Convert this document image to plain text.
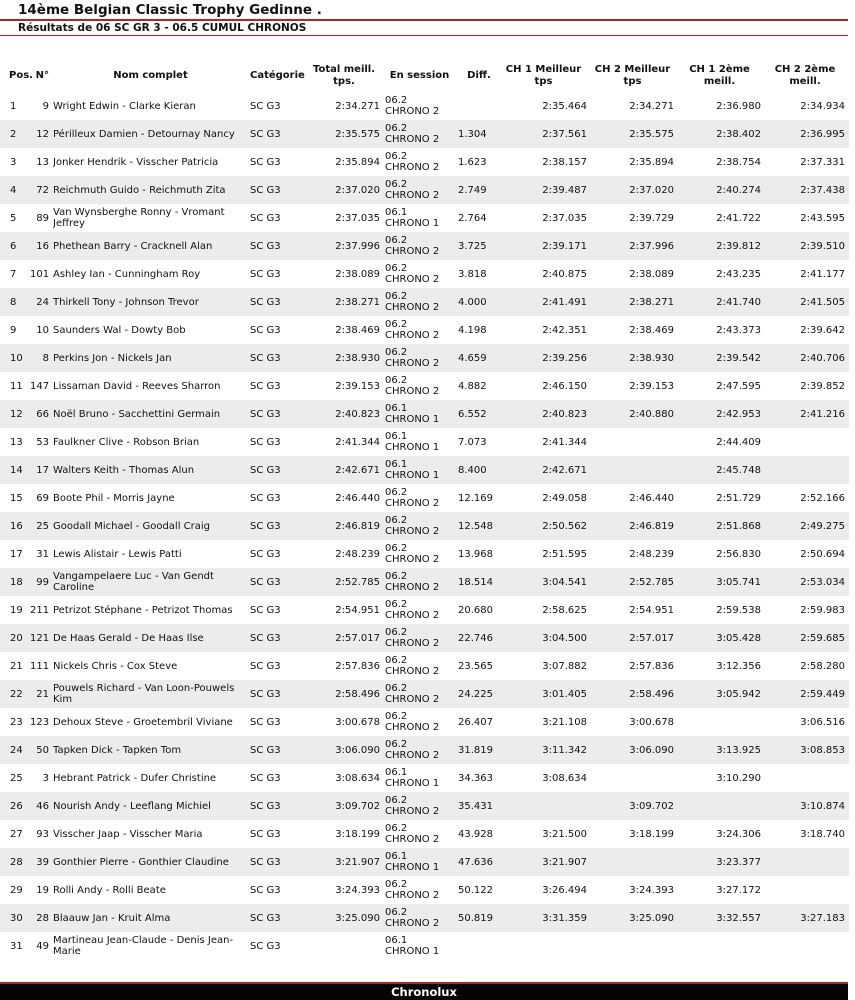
14ème Belgian Classic Trophy Gedinne .
Résultats de 06 SC GR 3 - 06.5 CUMUL CHRONOS
Pos.	N°	Nom complet	Catégorie	Total meill. tps.	En session	Diff.	CH 1 Meilleur tps	CH 2 Meilleur tps	CH 1 2ème meill.	CH 2 2ème meill.
1	9	Wright Edwin - Clarke Kieran	SC G3	2:34.271	06.2 CHRONO 2		2:35.464	2:34.271	2:36.980	2:34.934
2	12	Périlleux Damien - Detournay Nancy	SC G3	2:35.575	06.2 CHRONO 2	1.304	2:37.561	2:35.575	2:38.402	2:36.995
3	13	Jonker Hendrik - Visscher Patricia	SC G3	2:35.894	06.2 CHRONO 2	1.623	2:38.157	2:35.894	2:38.754	2:37.331
4	72	Reichmuth Guido - Reichmuth Zita	SC G3	2:37.020	06.2 CHRONO 2	2.749	2:39.487	2:37.020	2:40.274	2:37.438
5	89	Van Wynsberghe Ronny - Vromant Jeffrey	SC G3	2:37.035	06.1 CHRONO 1	2.764	2:37.035	2:39.729	2:41.722	2:43.595
6	16	Phethean Barry - Cracknell Alan	SC G3	2:37.996	06.2 CHRONO 2	3.725	2:39.171	2:37.996	2:39.812	2:39.510
7	101	Ashley Ian - Cunningham Roy	SC G3	2:38.089	06.2 CHRONO 2	3.818	2:40.875	2:38.089	2:43.235	2:41.177
8	24	Thirkell Tony - Johnson Trevor	SC G3	2:38.271	06.2 CHRONO 2	4.000	2:41.491	2:38.271	2:41.740	2:41.505
9	10	Saunders Wal - Dowty Bob	SC G3	2:38.469	06.2 CHRONO 2	4.198	2:42.351	2:38.469	2:43.373	2:39.642
10	8	Perkins Jon - Nickels Jan	SC G3	2:38.930	06.2 CHRONO 2	4.659	2:39.256	2:38.930	2:39.542	2:40.706
11	147	Lissaman David - Reeves Sharron	SC G3	2:39.153	06.2 CHRONO 2	4.882	2:46.150	2:39.153	2:47.595	2:39.852
12	66	Noël Bruno - Sacchettini Germain	SC G3	2:40.823	06.1 CHRONO 1	6.552	2:40.823	2:40.880	2:42.953	2:41.216
13	53	Faulkner Clive - Robson Brian	SC G3	2:41.344	06.1 CHRONO 1	7.073	2:41.344		2:44.409	
14	17	Walters Keith - Thomas Alun	SC G3	2:42.671	06.1 CHRONO 1	8.400	2:42.671		2:45.748	
15	69	Boote Phil - Morris Jayne	SC G3	2:46.440	06.2 CHRONO 2	12.169	2:49.058	2:46.440	2:51.729	2:52.166
16	25	Goodall Michael - Goodall Craig	SC G3	2:46.819	06.2 CHRONO 2	12.548	2:50.562	2:46.819	2:51.868	2:49.275
17	31	Lewis Alistair - Lewis Patti	SC G3	2:48.239	06.2 CHRONO 2	13.968	2:51.595	2:48.239	2:56.830	2:50.694
18	99	Vangampelaere Luc - Van Gendt Caroline	SC G3	2:52.785	06.2 CHRONO 2	18.514	3:04.541	2:52.785	3:05.741	2:53.034
19	211	Petrizot Stéphane - Petrizot Thomas	SC G3	2:54.951	06.2 CHRONO 2	20.680	2:58.625	2:54.951	2:59.538	2:59.983
20	121	De Haas Gerald - De Haas Ilse	SC G3	2:57.017	06.2 CHRONO 2	22.746	3:04.500	2:57.017	3:05.428	2:59.685
21	111	Nickels Chris - Cox Steve	SC G3	2:57.836	06.2 CHRONO 2	23.565	3:07.882	2:57.836	3:12.356	2:58.280
22	21	Pouwels Richard - Van Loon-Pouwels Kim	SC G3	2:58.496	06.2 CHRONO 2	24.225	3:01.405	2:58.496	3:05.942	2:59.449
23	123	Dehoux Steve - Groetembril Viviane	SC G3	3:00.678	06.2 CHRONO 2	26.407	3:21.108	3:00.678		3:06.516
24	50	Tapken Dick - Tapken Tom	SC G3	3:06.090	06.2 CHRONO 2	31.819	3:11.342	3:06.090	3:13.925	3:08.853
25	3	Hebrant Patrick - Dufer Christine	SC G3	3:08.634	06.1 CHRONO 1	34.363	3:08.634		3:10.290	
26	46	Nourish Andy - Leeflang Michiel	SC G3	3:09.702	06.2 CHRONO 2	35.431		3:09.702		3:10.874
27	93	Visscher Jaap - Visscher Maria	SC G3	3:18.199	06.2 CHRONO 2	43.928	3:21.500	3:18.199	3:24.306	3:18.740
28	39	Gonthier Pierre - Gonthier Claudine	SC G3	3:21.907	06.1 CHRONO 1	47.636	3:21.907		3:23.377	
29	19	Rolli Andy - Rolli Beate	SC G3	3:24.393	06.2 CHRONO 2	50.122	3:26.494	3:24.393	3:27.172	
30	28	Blaauw Jan - Kruit Alma	SC G3	3:25.090	06.2 CHRONO 2	50.819	3:31.359	3:25.090	3:32.557	3:27.183
31	49	Martineau Jean-Claude - Denis Jean-Marie	SC G3		06.1 CHRONO 1					
Chronolux
